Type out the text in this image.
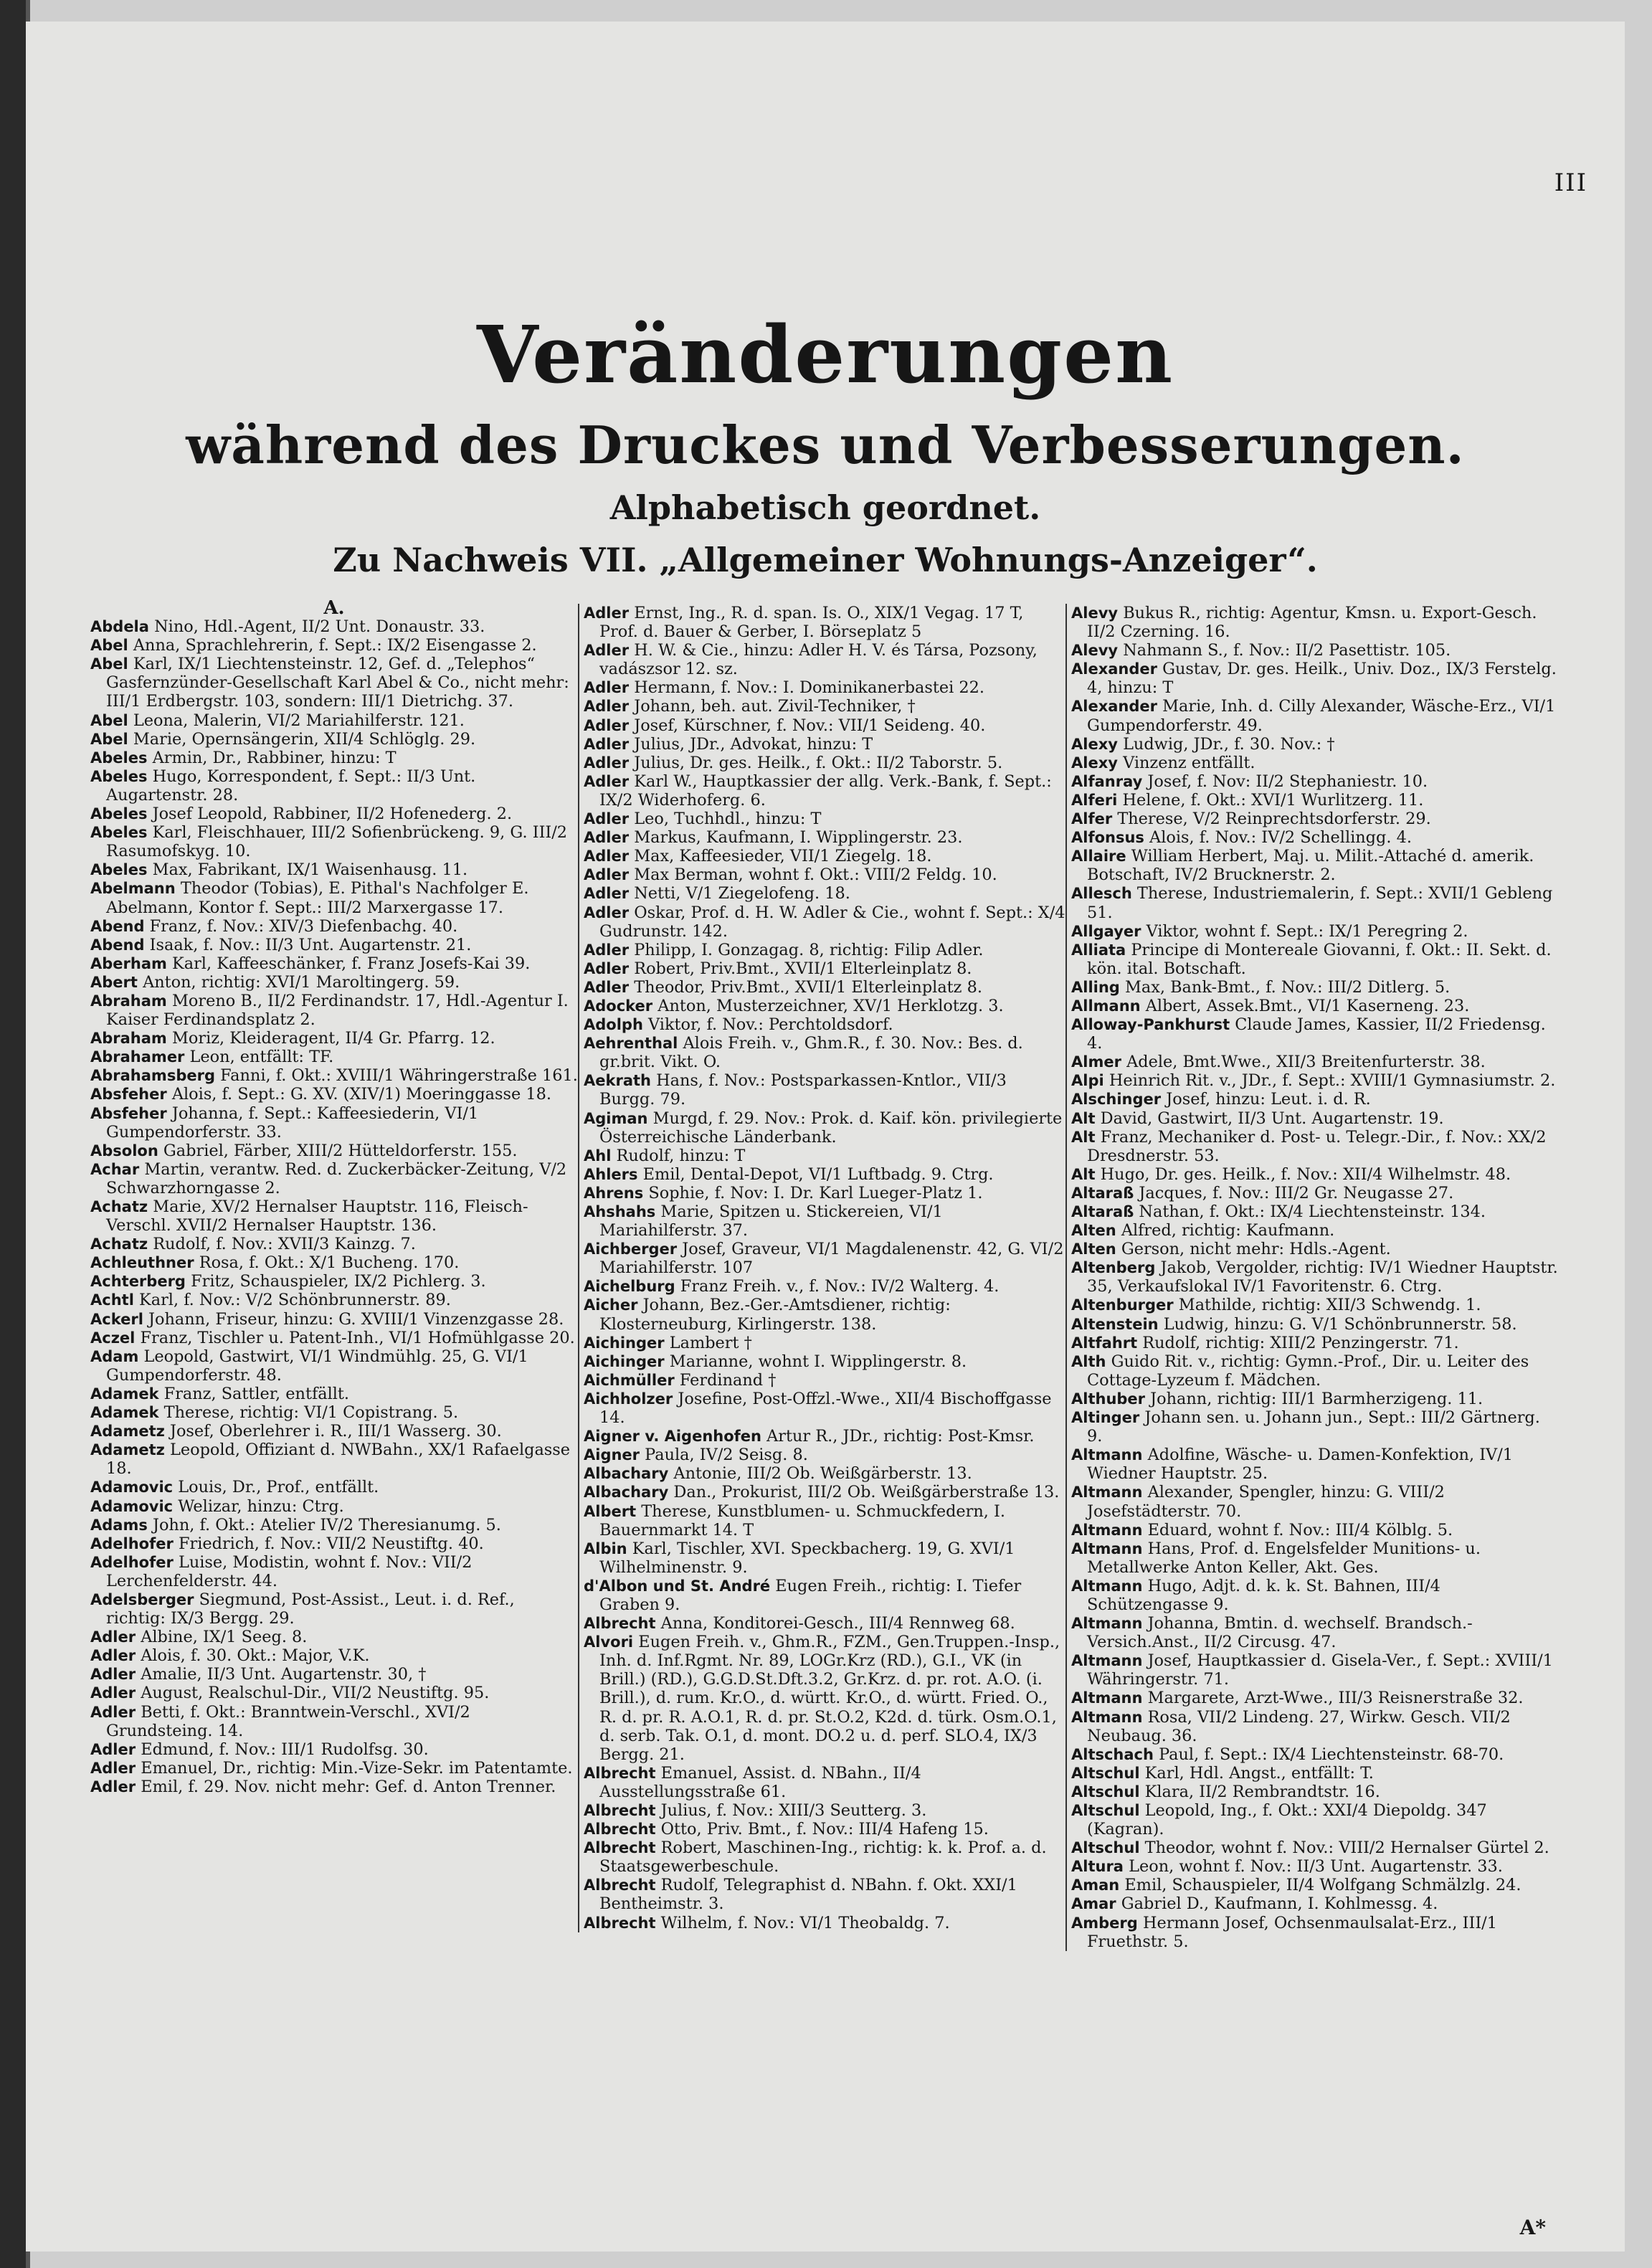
III
Veränderungen
während des Druckes und Verbesserungen.
Alphabetisch geordnet.
Zu Nachweis VII. „Allgemeiner Wohnungs-Anzeiger“.
A.

Abdela Nino, Hdl.-Agent, II/2 Unt. Donaustr. 33.

Abel Anna, Sprachlehrerin, f. Sept.: IX/2 Eisengasse 2.

Abel Karl, IX/1 Liechtensteinstr. 12, Gef. d. „Telephos“ Gasfernzünder-Gesellschaft Karl Abel & Co., nicht mehr: III/1 Erdbergstr. 103, sondern: III/1 Dietrichg. 37.

Abel Leona, Malerin, VI/2 Mariahilferstr. 121.

Abel Marie, Opernsängerin, XII/4 Schlöglg. 29.

Abeles Armin, Dr., Rabbiner, hinzu: T

Abeles Hugo, Korrespondent, f. Sept.: II/3 Unt. Augartenstr. 28.

Abeles Josef Leopold, Rabbiner, II/2 Hofenederg. 2.

Abeles Karl, Fleischhauer, III/2 Sofienbrückeng. 9, G. III/2 Rasumofskyg. 10.

Abeles Max, Fabrikant, IX/1 Waisenhausg. 11.

Abelmann Theodor (Tobias), E. Pithal's Nachfolger E. Abelmann, Kontor f. Sept.: III/2 Marxergasse 17.

Abend Franz, f. Nov.: XIV/3 Diefenbachg. 40.

Abend Isaak, f. Nov.: II/3 Unt. Augartenstr. 21.

Aberham Karl, Kaffeeschänker, f. Franz Josefs-Kai 39.

Abert Anton, richtig: XVI/1 Maroltingerg. 59.

Abraham Moreno B., II/2 Ferdinandstr. 17, Hdl.-Agentur I. Kaiser Ferdinandsplatz 2.

Abraham Moriz, Kleideragent, II/4 Gr. Pfarrg. 12.

Abrahamer Leon, entfällt: TF.

Abrahamsberg Fanni, f. Okt.: XVIII/1 Währingerstraße 161.

Absfeher Alois, f. Sept.: G. XV. (XIV/1) Moeringgasse 18.

Absfeher Johanna, f. Sept.: Kaffeesiederin, VI/1 Gumpendorferstr. 33.

Absolon Gabriel, Färber, XIII/2 Hütteldorferstr. 155.

Achar Martin, verantw. Red. d. Zuckerbäcker-Zeitung, V/2 Schwarzhorngasse 2.

Achatz Marie, XV/2 Hernalser Hauptstr. 116, Fleisch-Verschl. XVII/2 Hernalser Hauptstr. 136.

Achatz Rudolf, f. Nov.: XVII/3 Kainzg. 7.

Achleuthner Rosa, f. Okt.: X/1 Bucheng. 170.

Achterberg Fritz, Schauspieler, IX/2 Pichlerg. 3.

Achtl Karl, f. Nov.: V/2 Schönbrunnerstr. 89.

Ackerl Johann, Friseur, hinzu: G. XVIII/1 Vinzenzgasse 28.

Aczel Franz, Tischler u. Patent-Inh., VI/1 Hofmühlgasse 20.

Adam Leopold, Gastwirt, VI/1 Windmühlg. 25, G. VI/1 Gumpendorferstr. 48.

Adamek Franz, Sattler, entfällt.

Adamek Therese, richtig: VI/1 Copistrang. 5.

Adametz Josef, Oberlehrer i. R., III/1 Wasserg. 30.

Adametz Leopold, Offiziant d. NWBahn., XX/1 Rafaelgasse 18.

Adamovic Louis, Dr., Prof., entfällt.

Adamovic Welizar, hinzu: Ctrg.

Adams John, f. Okt.: Atelier IV/2 Theresianumg. 5.

Adelhofer Friedrich, f. Nov.: VII/2 Neustiftg. 40.

Adelhofer Luise, Modistin, wohnt f. Nov.: VII/2 Lerchenfelderstr. 44.

Adelsberger Siegmund, Post-Assist., Leut. i. d. Ref., richtig: IX/3 Bergg. 29.

Adler Albine, IX/1 Seeg. 8.

Adler Alois, f. 30. Okt.: Major, V.K.

Adler Amalie, II/3 Unt. Augartenstr. 30, †

Adler August, Realschul-Dir., VII/2 Neustiftg. 95.

Adler Betti, f. Okt.: Branntwein-Verschl., XVI/2 Grundsteing. 14.

Adler Edmund, f. Nov.: III/1 Rudolfsg. 30.

Adler Emanuel, Dr., richtig: Min.-Vize-Sekr. im Patentamte.

Adler Emil, f. 29. Nov. nicht mehr: Gef. d. Anton Trenner.

Adler Ernst, Ing., R. d. span. Is. O., XIX/1 Vegag. 17 T, Prof. d. Bauer & Gerber, I. Börseplatz 5

Adler H. W. & Cie., hinzu: Adler H. V. és Társa, Pozsony, vadászsor 12. sz.

Adler Hermann, f. Nov.: I. Dominikanerbastei 22.

Adler Johann, beh. aut. Zivil-Techniker, †

Adler Josef, Kürschner, f. Nov.: VII/1 Seideng. 40.

Adler Julius, JDr., Advokat, hinzu: T

Adler Julius, Dr. ges. Heilk., f. Okt.: II/2 Taborstr. 5.

Adler Karl W., Hauptkassier der allg. Verk.-Bank, f. Sept.: IX/2 Widerhoferg. 6.

Adler Leo, Tuchhdl., hinzu: T

Adler Markus, Kaufmann, I. Wipplingerstr. 23.

Adler Max, Kaffeesieder, VII/1 Ziegelg. 18.

Adler Max Berman, wohnt f. Okt.: VIII/2 Feldg. 10.

Adler Netti, V/1 Ziegelofeng. 18.

Adler Oskar, Prof. d. H. W. Adler & Cie., wohnt f. Sept.: X/4 Gudrunstr. 142.

Adler Philipp, I. Gonzagag. 8, richtig: Filip Adler.

Adler Robert, Priv.Bmt., XVII/1 Elterleinplatz 8.

Adler Theodor, Priv.Bmt., XVII/1 Elterleinplatz 8.

Adocker Anton, Musterzeichner, XV/1 Herklotzg. 3.

Adolph Viktor, f. Nov.: Perchtoldsdorf.

Aehrenthal Alois Freih. v., Ghm.R., f. 30. Nov.: Bes. d. gr.brit. Vikt. O.

Aekrath Hans, f. Nov.: Postsparkassen-Kntlor., VII/3 Burgg. 79.

Agiman Murgd, f. 29. Nov.: Prok. d. Kaif. kön. privilegierte Österreichische Länderbank.

Ahl Rudolf, hinzu: T

Ahlers Emil, Dental-Depot, VI/1 Luftbadg. 9. Ctrg.

Ahrens Sophie, f. Nov: I. Dr. Karl Lueger-Platz 1.

Ahshahs Marie, Spitzen u. Stickereien, VI/1 Mariahilferstr. 37.

Aichberger Josef, Graveur, VI/1 Magdalenenstr. 42, G. VI/2 Mariahilferstr. 107

Aichelburg Franz Freih. v., f. Nov.: IV/2 Walterg. 4.

Aicher Johann, Bez.-Ger.-Amtsdiener, richtig: Klosterneuburg, Kirlingerstr. 138.

Aichinger Lambert †

Aichinger Marianne, wohnt I. Wipplingerstr. 8.

Aichmüller Ferdinand †

Aichholzer Josefine, Post-Offzl.-Wwe., XII/4 Bischoffgasse 14.

Aigner v. Aigenhofen Artur R., JDr., richtig: Post-Kmsr.

Aigner Paula, IV/2 Seisg. 8.

Albachary Antonie, III/2 Ob. Weißgärberstr. 13.

Albachary Dan., Prokurist, III/2 Ob. Weißgärberstraße 13.

Albert Therese, Kunstblumen- u. Schmuckfedern, I. Bauernmarkt 14. T

Albin Karl, Tischler, XVI. Speckbacherg. 19, G. XVI/1 Wilhelminenstr. 9.

d'Albon und St. André Eugen Freih., richtig: I. Tiefer Graben 9.

Albrecht Anna, Konditorei-Gesch., III/4 Rennweg 68.

Alvori Eugen Freih. v., Ghm.R., FZM., Gen.Truppen.-Insp., Inh. d. Inf.Rgmt. Nr. 89, LOGr.Krz (RD.), G.I., VK (in Brill.) (RD.), G.G.D.St.Dft.3.2, Gr.Krz. d. pr. rot. A.O. (i. Brill.), d. rum. Kr.O., d. württ. Kr.O., d. württ. Fried. O., R. d. pr. R. A.O.1, R. d. pr. St.O.2, K2d. d. türk. Osm.O.1, d. serb. Tak. O.1, d. mont. DO.2 u. d. perf. SLO.4, IX/3 Bergg. 21.

Albrecht Emanuel, Assist. d. NBahn., II/4 Ausstellungsstraße 61.

Albrecht Julius, f. Nov.: XIII/3 Seutterg. 3.

Albrecht Otto, Priv. Bmt., f. Nov.: III/4 Hafeng 15.

Albrecht Robert, Maschinen-Ing., richtig: k. k. Prof. a. d. Staatsgewerbeschule.

Albrecht Rudolf, Telegraphist d. NBahn. f. Okt. XXI/1 Bentheimstr. 3.

Albrecht Wilhelm, f. Nov.: VI/1 Theobaldg. 7.

Alevy Bukus R., richtig: Agentur, Kmsn. u. Export-Gesch. II/2 Czerning. 16.

Alevy Nahmann S., f. Nov.: II/2 Pasettistr. 105.

Alexander Gustav, Dr. ges. Heilk., Univ. Doz., IX/3 Ferstelg. 4, hinzu: T

Alexander Marie, Inh. d. Cilly Alexander, Wäsche-Erz., VI/1 Gumpendorferstr. 49.

Alexy Ludwig, JDr., f. 30. Nov.: †

Alexy Vinzenz entfällt.

Alfanray Josef, f. Nov: II/2 Stephaniestr. 10.

Alferi Helene, f. Okt.: XVI/1 Wurlitzerg. 11.

Alfer Therese, V/2 Reinprechtsdorferstr. 29.

Alfonsus Alois, f. Nov.: IV/2 Schellingg. 4.

Allaire William Herbert, Maj. u. Milit.-Attaché d. amerik. Botschaft, IV/2 Brucknerstr. 2.

Allesch Therese, Industriemalerin, f. Sept.: XVII/1 Gebleng 51.

Allgayer Viktor, wohnt f. Sept.: IX/1 Peregring 2.

Alliata Principe di Montereale Giovanni, f. Okt.: II. Sekt. d. kön. ital. Botschaft.

Alling Max, Bank-Bmt., f. Nov.: III/2 Ditlerg. 5.

Allmann Albert, Assek.Bmt., VI/1 Kaserneng. 23.

Alloway-Pankhurst Claude James, Kassier, II/2 Friedensg. 4.

Almer Adele, Bmt.Wwe., XII/3 Breitenfurterstr. 38.

Alpi Heinrich Rit. v., JDr., f. Sept.: XVIII/1 Gymnasiumstr. 2.

Alschinger Josef, hinzu: Leut. i. d. R.

Alt David, Gastwirt, II/3 Unt. Augartenstr. 19.

Alt Franz, Mechaniker d. Post- u. Telegr.-Dir., f. Nov.: XX/2 Dresdnerstr. 53.

Alt Hugo, Dr. ges. Heilk., f. Nov.: XII/4 Wilhelmstr. 48.

Altaraß Jacques, f. Nov.: III/2 Gr. Neugasse 27.

Altaraß Nathan, f. Okt.: IX/4 Liechtensteinstr. 134.

Alten Alfred, richtig: Kaufmann.

Alten Gerson, nicht mehr: Hdls.-Agent.

Altenberg Jakob, Vergolder, richtig: IV/1 Wiedner Hauptstr. 35, Verkaufslokal IV/1 Favoritenstr. 6. Ctrg.

Altenburger Mathilde, richtig: XII/3 Schwendg. 1.

Altenstein Ludwig, hinzu: G. V/1 Schönbrunnerstr. 58.

Altfahrt Rudolf, richtig: XIII/2 Penzingerstr. 71.

Alth Guido Rit. v., richtig: Gymn.-Prof., Dir. u. Leiter des Cottage-Lyzeum f. Mädchen.

Althuber Johann, richtig: III/1 Barmherzigeng. 11.

Altinger Johann sen. u. Johann jun., Sept.: III/2 Gärtnerg. 9.

Altmann Adolfine, Wäsche- u. Damen-Konfektion, IV/1 Wiedner Hauptstr. 25.

Altmann Alexander, Spengler, hinzu: G. VIII/2 Josefstädterstr. 70.

Altmann Eduard, wohnt f. Nov.: III/4 Kölblg. 5.

Altmann Hans, Prof. d. Engelsfelder Munitions- u. Metallwerke Anton Keller, Akt. Ges.

Altmann Hugo, Adjt. d. k. k. St. Bahnen, III/4 Schützengasse 9.

Altmann Johanna, Bmtin. d. wechself. Brandsch.-Versich.Anst., II/2 Circusg. 47.

Altmann Josef, Hauptkassier d. Gisela-Ver., f. Sept.: XVIII/1 Währingerstr. 71.

Altmann Margarete, Arzt-Wwe., III/3 Reisnerstraße 32.

Altmann Rosa, VII/2 Lindeng. 27, Wirkw. Gesch. VII/2 Neubaug. 36.

Altschach Paul, f. Sept.: IX/4 Liechtensteinstr. 68-70.

Altschul Karl, Hdl. Angst., entfällt: T.

Altschul Klara, II/2 Rembrandtstr. 16.

Altschul Leopold, Ing., f. Okt.: XXI/4 Diepoldg. 347 (Kagran).

Altschul Theodor, wohnt f. Nov.: VIII/2 Hernalser Gürtel 2.

Altura Leon, wohnt f. Nov.: II/3 Unt. Augartenstr. 33.

Aman Emil, Schauspieler, II/4 Wolfgang Schmälzlg. 24.

Amar Gabriel D., Kaufmann, I. Kohlmessg. 4.

Amberg Hermann Josef, Ochsenmaulsalat-Erz., III/1 Fruethstr. 5.

A*
